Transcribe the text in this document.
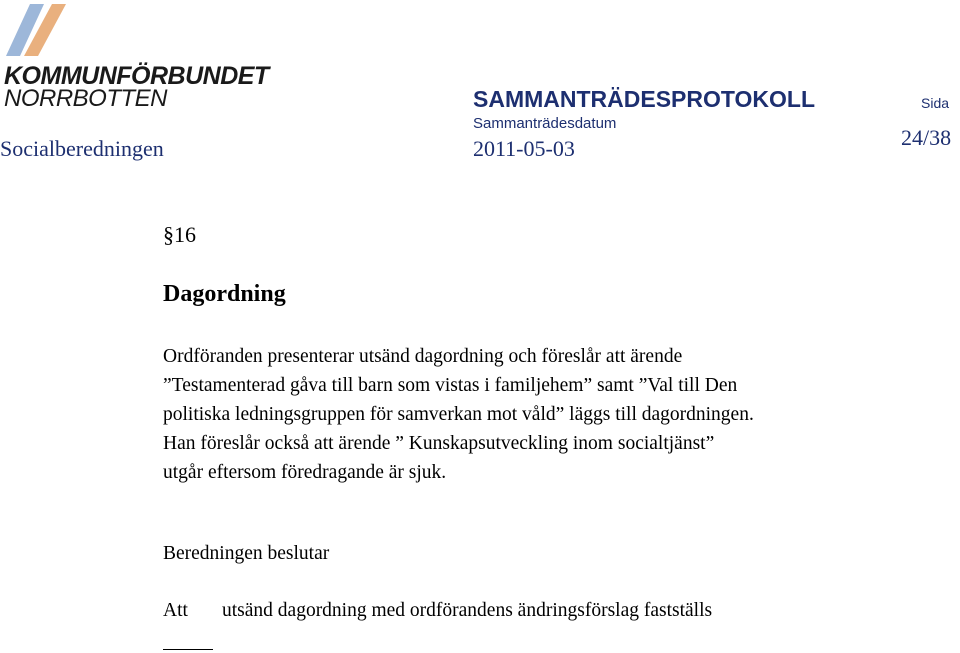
KOMMUNFÖRBUNDET
NORRBOTTEN	SAMMANTRÄDESPROTOKOLL	Sida
Sammanträdesdatum
Socialberedningen	2011-05-03	24/38
§16
Dagordning
Ordföranden presenterar utsänd dagordning och föreslår att ärende
”Testamenterad gåva till barn som vistas i familjehem” samt ”Val till Den
politiska ledningsgruppen för samverkan mot våld” läggs till dagordningen.
Han föreslår också att ärende ” Kunskapsutveckling inom socialtjänst”
utgår eftersom föredragande är sjuk.
Beredningen beslutar
Att utsänd dagordning med ordförandens ändringsförslag fastställs
